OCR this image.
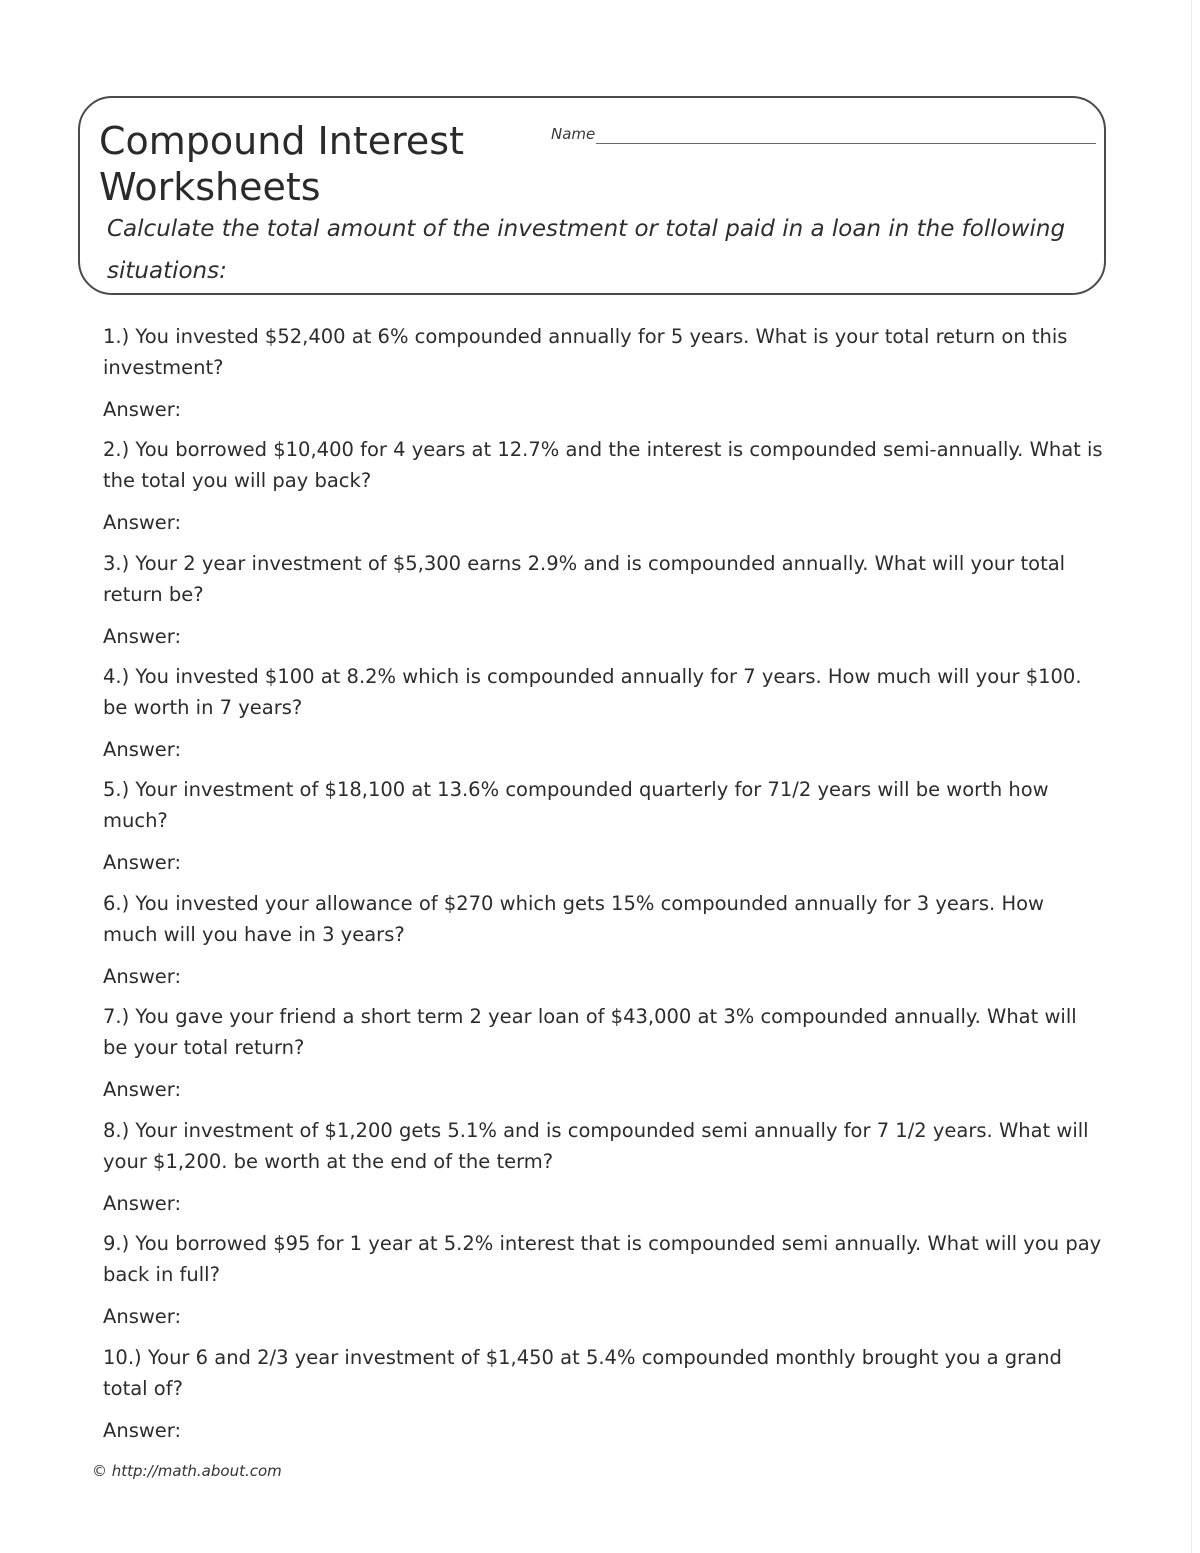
Compound Interest Worksheets
Name

Calculate the total amount of the investment or total paid in a loan in the following situations:

1.) You invested $52,400 at 6% compounded annually for 5 years. What is your total return on this investment?

Answer:

2.) You borrowed $10,400 for 4 years at 12.7% and the interest is compounded semi-annually. What is the total you will pay back?

Answer:

3.) Your 2 year investment of $5,300 earns 2.9% and is compounded annually. What will your total return be?

Answer:

4.) You invested $100 at 8.2% which is compounded annually for 7 years. How much will your $100. be worth in 7 years?

Answer:

5.) Your investment of $18,100 at 13.6% compounded quarterly for 71/2 years will be worth how much?

Answer:

6.) You invested your allowance of $270 which gets 15% compounded annually for 3 years. How much will you have in 3 years?

Answer:

7.) You gave your friend a short term 2 year loan of $43,000 at 3% compounded annually. What will be your total return?

Answer:

8.) Your investment of $1,200 gets 5.1% and is compounded semi annually for 7 1/2 years. What will your $1,200. be worth at the end of the term?

Answer:

9.) You borrowed $95 for 1 year at 5.2% interest that is compounded semi annually. What will you pay back in full?

Answer:

10.) Your 6 and 2/3 year investment of $1,450 at 5.4% compounded monthly brought you a grand total of?

Answer:

© http://math.about.com
